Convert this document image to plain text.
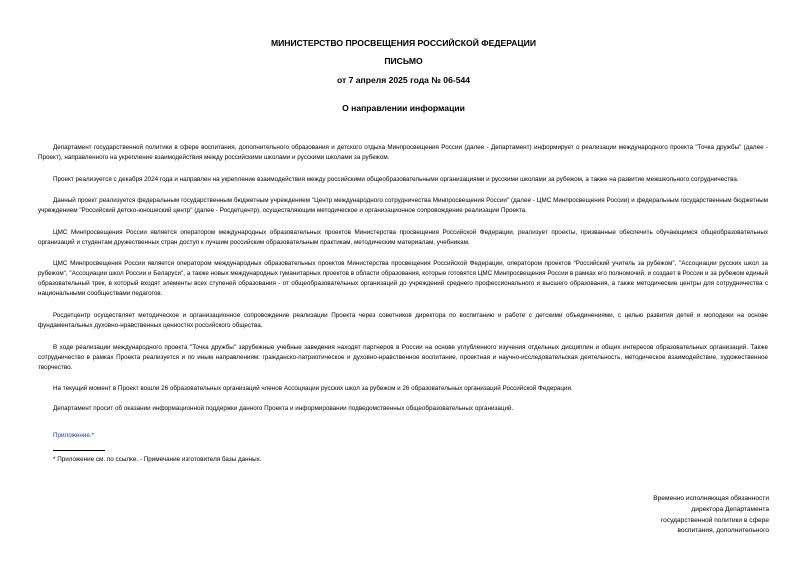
МИНИСТЕРСТВО ПРОСВЕЩЕНИЯ РОССИЙСКОЙ ФЕДЕРАЦИИ
ПИСЬМО
от 7 апреля 2025 года № 06-544
О направлении информации

Департамент государственной политики в сфере воспитания, дополнительного образования и детского отдыха Минпросвещения России (далее - Департамент) информирует о реализации международного проекта "Точка дружбы" (далее - Проект), направленного на укрепление взаимодействия между российскими школами и русскими школами за рубежом.

Проект реализуется с декабря 2024 года и направлен на укрепление взаимодействия между российскими общеобразовательными организациями и русскими школами за рубежом, а также на развитие межшкольного сотрудничества.

Данный проект реализуется федеральным государственным бюджетным учреждением "Центр международного сотрудничества Минпросвещения России" (далее - ЦМС Минпросвещения России) и федеральным государственным бюджетным учреждением "Российский детско-юношеский центр" (далее - Росдетцентр), осуществляющим методическое и организационное сопровождение реализации Проекта.

ЦМС Минпросвещения России является оператором международных образовательных проектов Министерства просвещения Российской Федерации, реализует проекты, призванные обеспечить обучающимся общеобразовательных организаций и студентам дружественных стран доступ к лучшим российским образовательным практикам, методическим материалам, учебникам.

ЦМС Минпросвещения России является оператором международных образовательных проектов Министерства просвещения Российской Федерации, оператором проектов "Российский учитель за рубежом", "Ассоциации русских школ за рубежом", "Ассоциации школ России и Беларуси", а также новых международных гуманитарных проектов в области образования, которые готовятся ЦМС Минпросвещения России в рамках его полномочий, и создает в России и за рубежом единый образовательный трек, в который входят элементы всех ступеней образования - от общеобразовательных организаций до учреждений среднего профессионального и высшего образования, а также методические центры для сотрудничества с национальными сообществами педагогов.

Росдетцентр осуществляет методическое и организационное сопровождение реализации Проекта через советников директора по воспитанию и работе с детскими объединениями, с целью развития детей и молодежи на основе фундаментальных духовно-нравственных ценностях российского общества.

В ходе реализации международного проекта "Точка дружбы" зарубежные учебные заведения находят партнеров в России на основе углубленного изучения отдельных дисциплин и общих интересов образовательных организаций. Также сотрудничество в рамках Проекта реализуется и по иным направлениям: гражданско-патриотическое и духовно-нравственное воспитание, проектная и научно-исследовательская деятельность, методическое взаимодействие, художественное творчество.

На текущий момент в Проект вошли 26 образовательных организаций членов Ассоциации русских школ за рубежом и 26 образовательных организаций Российской Федерации.

Департамент просит об оказании информационной поддержки данного Проекта и информировании подведомственных общеобразовательных организаций.

Приложение.*
* Приложение см. по ссылке. - Примечание изготовителя базы данных.
Временно исполняющая обязанности
директора Департамента
государственной политики в сфере
воспитания, дополнительного
